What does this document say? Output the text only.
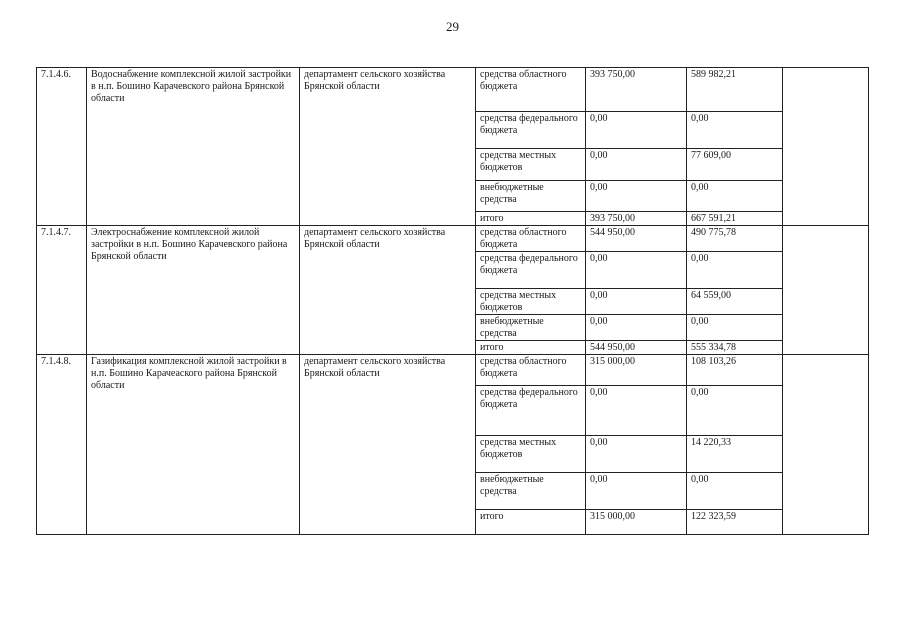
29
7.1.4.6.	Водоснабжение комплексной жилой застройки в н.п. Бошино Карачевского района Брянской области	департамент сельского хозяйства Брянской области	средства областного бюджета	393 750,00	589 982,21	
			средства федерального бюджета	0,00	0,00	
			средства местных бюджетов	0,00	77 609,00	
			внебюджетные средства	0,00	0,00	
			итого	393 750,00	667 591,21	
7.1.4.7.	Электроснабжение комплексной жилой застройки в н.п. Бошино Карачевского района Брянской области	департамент сельского хозяйства Брянской области	средства областного бюджета	544 950,00	490 775,78	
			средства федерального бюджета	0,00	0,00	
			средства местных бюджетов	0,00	64 559,00	
			внебюджетные средства	0,00	0,00	
			итого	544 950,00	555 334,78	
7.1.4.8.	Газификация комплексной жилой застройки в н.п. Бошино Карачеаского района Брянской области	департамент сельского хозяйства Брянской области	средства областного бюджета	315 000,00	108 103,26	
			средства федерального бюджета	0,00	0,00	
			средства местных бюджетов	0,00	14 220,33	
			внебюджетные средства	0,00	0,00	
			итого	315 000,00	122 323,59	
